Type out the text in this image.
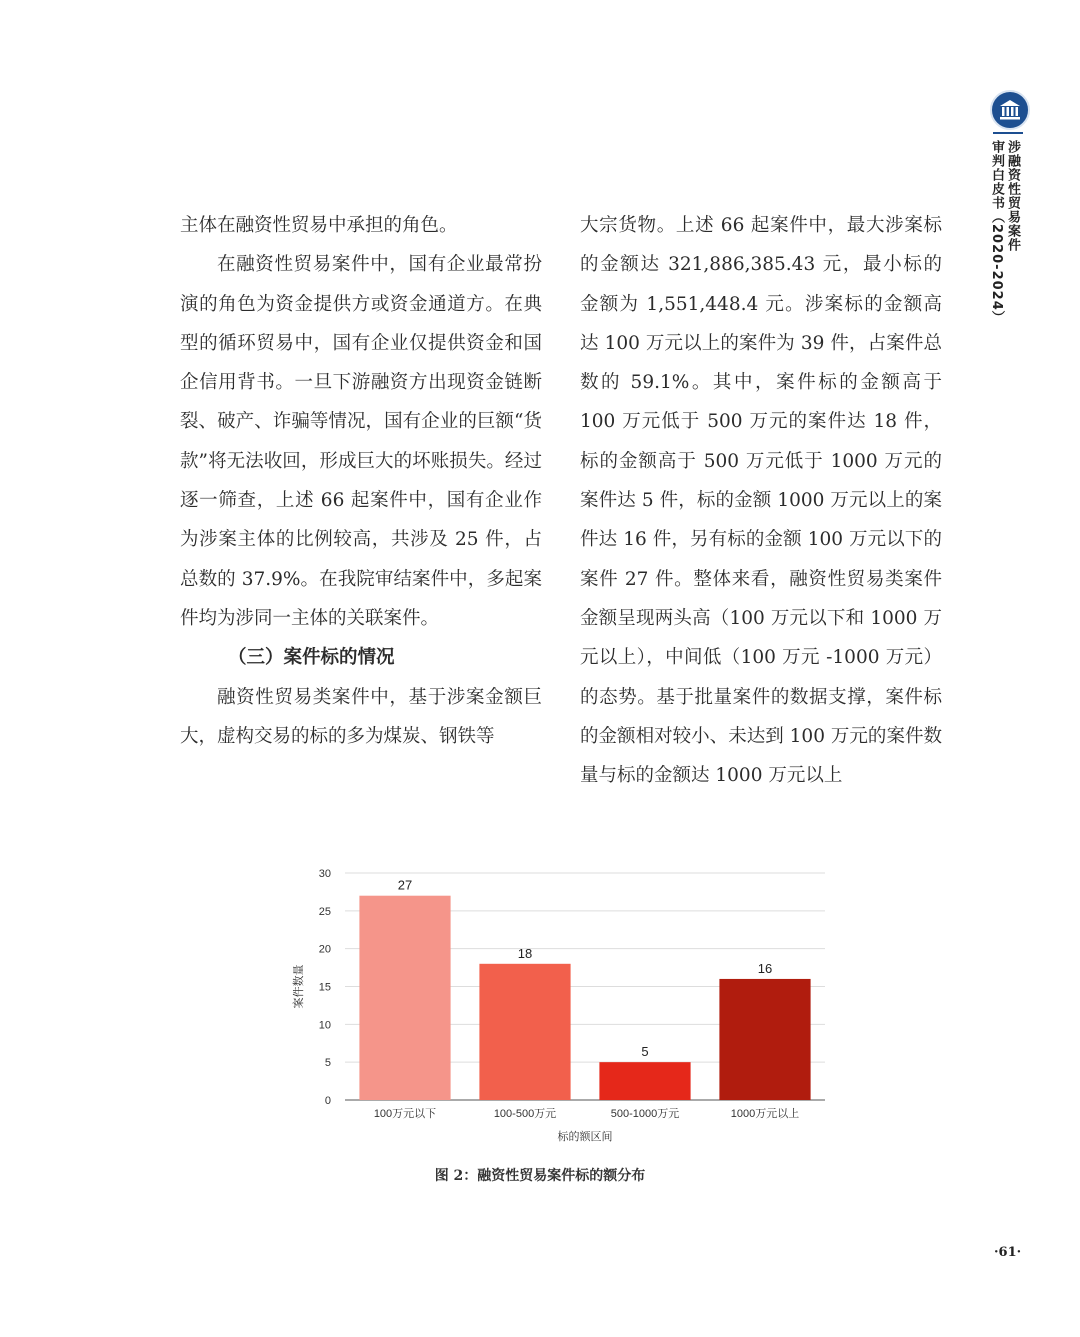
涉融资性贸易案件
审判白皮书（2020-2024）

主体在融资性贸易中承担的角色。

在融资性贸易案件中，国有企业最常扮演的角色为资金提供方或资金通道方。在典型的循环贸易中，国有企业仅提供资金和国企信用背书。一旦下游融资方出现资金链断裂、破产、诈骗等情况，国有企业的巨额“货款”将无法收回，形成巨大的坏账损失。经过逐一筛查，上述 66 起案件中，国有企业作为涉案主体的比例较高，共涉及 25 件，占总数的 37.9%。在我院审结案件中，多起案件均为涉同一主体的关联案件。

（三）案件标的情况

融资性贸易类案件中，基于涉案金额巨大，虚构交易的标的多为煤炭、钢铁等

大宗货物。上述 66 起案件中，最大涉案标的金额达 321,886,385.43 元，最小标的金额为 1,551,448.4 元。涉案标的金额高达 100 万元以上的案件为 39 件，占案件总数的 59.1%。其中，案件标的金额高于 100 万元低于 500 万元的案件达 18 件，标的金额高于 500 万元低于 1000 万元的案件达 5 件，标的金额 1000 万元以上的案件达 16 件，另有标的金额 100 万元以下的案件 27 件。整体来看，融资性贸易类案件金额呈现两头高（100 万元以下和 1000 万元以上），中间低（100 万元 -1000 万元）的态势。基于批量案件的数据支撑，案件标的金额相对较小、未达到 100 万元的案件数量与标的金额达 1000 万元以上

0
5
10
15
20
25
30
27
100万元以下
18
100-500万元
5
500-1000万元
16
1000万元以上
标的额区间
案件数量
图 2：融资性贸易案件标的额分布
·61·
